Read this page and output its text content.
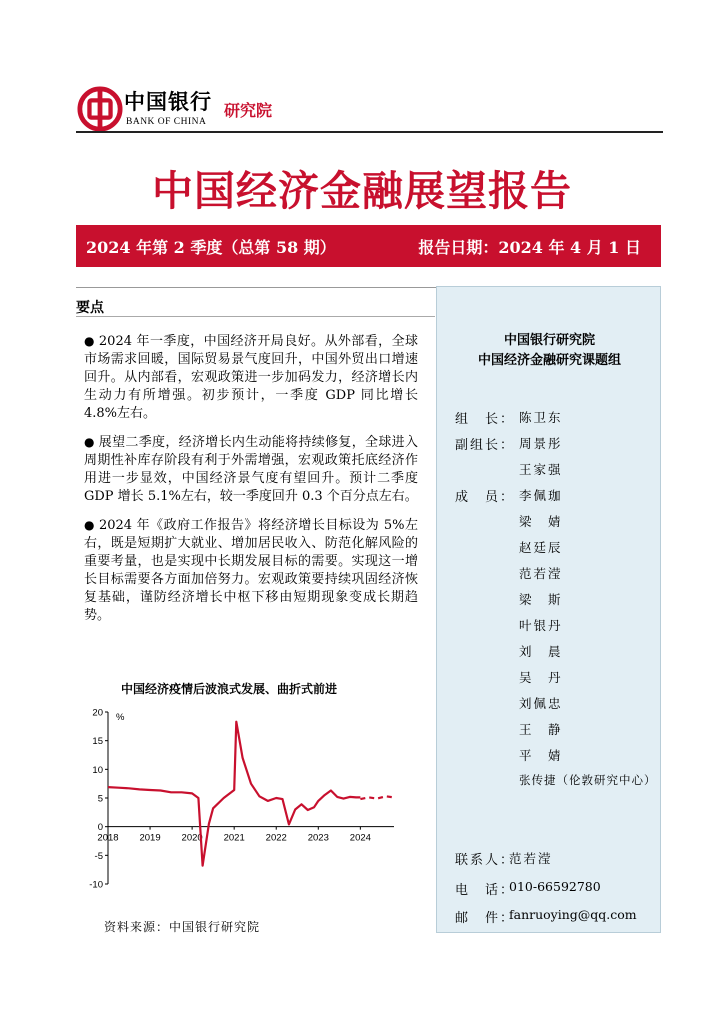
中国银行
BANK OF CHINA
研究院
中国经济金融展望报告
2024 年第 2 季度（总第 58 期）	报告日期：2024 年 4 月 1 日
要点
● 2024 年一季度，中国经济开局良好。从外部看，全球市场需求回暖，国际贸易景气度回升，中国外贸出口增速回升。从内部看，宏观政策进一步加码发力，经济增长内生动力有所增强。初步预计，一季度 GDP 同比增长 4.8%左右。
● 展望二季度，经济增长内生动能将持续修复，全球进入周期性补库存阶段有利于外需增强，宏观政策托底经济作用进一步显效，中国经济景气度有望回升。预计二季度 GDP 增长 5.1%左右，较一季度回升 0.3 个百分点左右。
● 2024 年《政府工作报告》将经济增长目标设为 5%左右，既是短期扩大就业、增加居民收入、防范化解风险的重要考量，也是实现中长期发展目标的需要。实现这一增长目标需要各方面加倍努力。宏观政策要持续巩固经济恢复基础，谨防经济增长中枢下移由短期现象变成长期趋势。
中国经济疫情后波浪式发展、曲折式前进
20
15
10
5
0
-5
-10
%
2018 2019 2020 2021 2022 2023 2024
资料来源：中国银行研究院
中国银行研究院
中国经济金融研究课题组
组　长： 陈卫东
副组长： 周景彤
王家强
成　员： 李佩珈
梁　婧
赵廷辰
范若滢
梁　斯
叶银丹
刘　晨
吴　丹
刘佩忠
王　静
平　婧
张传捷（伦敦研究中心）
联系人：
范若滢
电　话：
010-66592780
邮　件：
fanruoying@qq.com
